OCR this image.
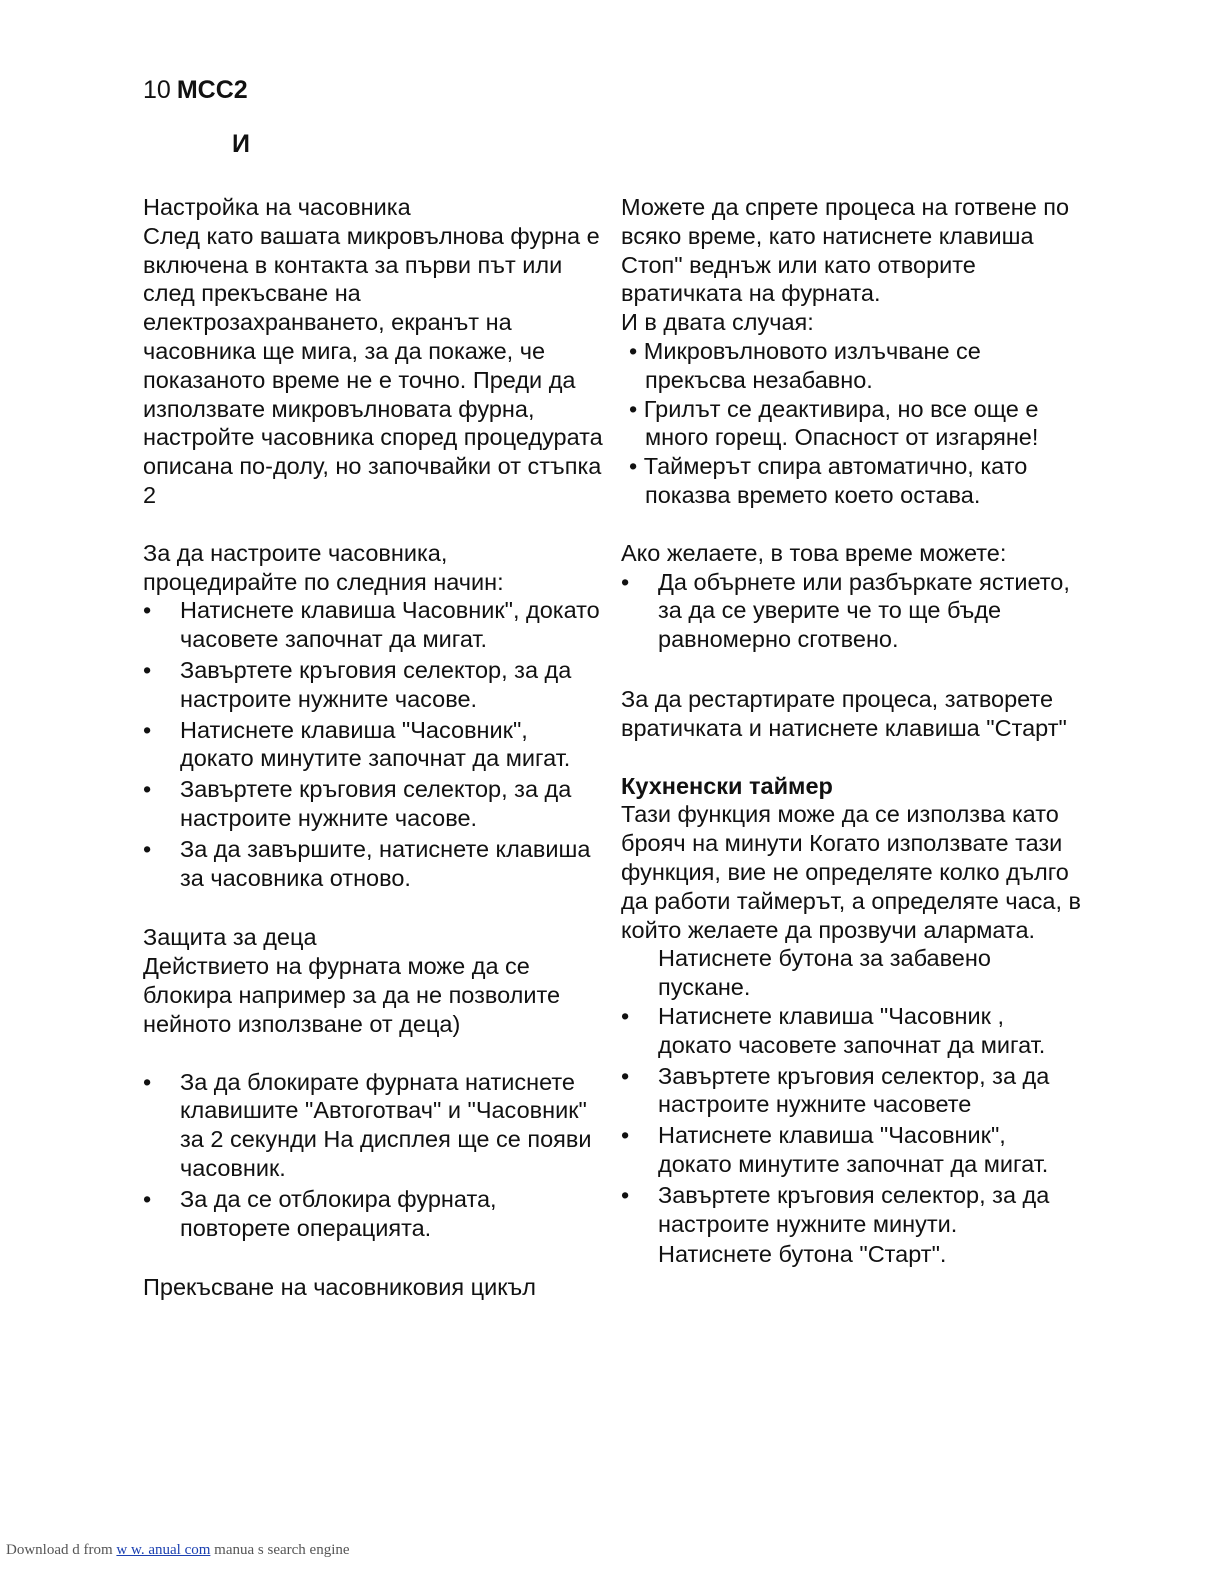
10 MCC2
И

Настройка на часовника

След като вашата микровълнова фурна е включена в контакта за първи път или след прекъсване на електрозахранването, екранът на часовника ще мига, за да покаже, че показаното време не е точно. Преди да използвате микровълновата фурна, настройте часовника според процедурата описана по-долу, но започвайки от стъпка 2

За да настроите часовника, процедирайте по следния начин:

• Натиснете клавиша Часовник", докато часовете започнат да мигат.
• Завъртете кръговия селектор, за да настроите нужните часове.
• Натиснете клавиша "Часовник", докато минутите започнат да мигат.
• Завъртете кръговия селектор, за да настроите нужните часове.
• За да завършите, натиснете клавиша за часовника отново.

Защита за деца

Действието на фурната може да се блокира например за да не позволите нейното използване от деца)

• За да блокирате фурната натиснете клавишите "Автоготвач" и "Часовник" за 2 секунди На дисплея ще се появи часовник.
• За да се отблокира фурната, повторете операцията.

Прекъсване на часовниковия цикъл

Можете да спрете процеса на готвене по всяко време, като натиснете клавиша Стоп" веднъж или като отворите вратичката на фурната.

И в двата случая:

• Микровълновото излъчване се прекъсва незабавно.
• Грилът се деактивира, но все още е много горещ. Опасност от изгаряне!
• Таймерът спира автоматично, като показва времето което остава.

Ако желаете, в това време можете:

• Да обърнете или разбъркате ястието, за да се уверите че то ще бъде равномерно сготвено.

За да рестартирате процеса, затворете вратичката и натиснете клавиша "Старт"

Кухненски таймер

Тази функция може да се използва като брояч на минути Когато използвате тази функция, вие не определяте колко дълго да работи таймерът, а определяте часа, в който желаете да прозвучи алармата.

Натиснете бутона за забавено пускане.

• Натиснете клавиша "Часовник , докато часовете започнат да мигат.
• Завъртете кръговия селектор, за да настроите нужните часовете
• Натиснете клавиша "Часовник", докато минутите започнат да мигат.
• Завъртете кръговия селектор, за да настроите нужните минути.

Натиснете бутона "Старт".

Download d from w w. anual com manua s search engine
